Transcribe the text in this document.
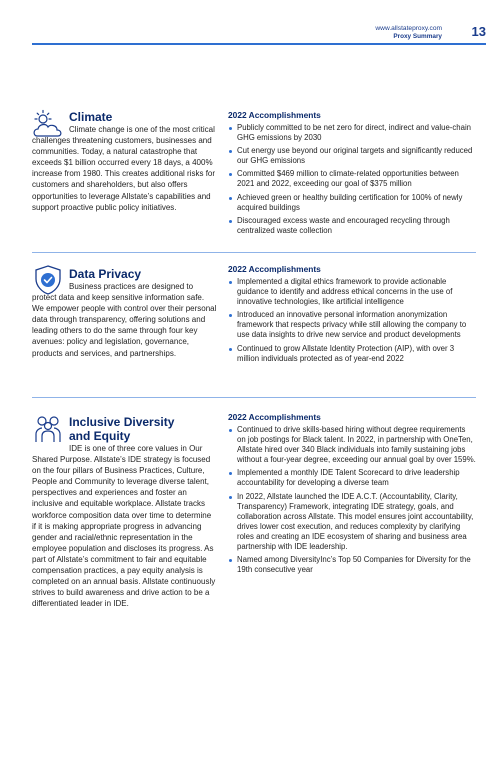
www.allstateproxy.com
Proxy Summary 13
Climate
Climate change is one of the most critical challenges threatening customers, businesses and communities. Today, a natural catastrophe that exceeds $1 billion occurred every 18 days, a 400% increase from 1980. This creates additional risks for customers and shareholders, but also offers opportunities to leverage Allstate’s capabilities and support proactive public policy initiatives.
2022 Accomplishments
Publicly committed to be net zero for direct, indirect and value-chain GHG emissions by 2030
Cut energy use beyond our original targets and significantly reduced our GHG emissions
Committed $469 million to climate-related opportunities between 2021 and 2022, exceeding our goal of $375 million
Achieved green or healthy building certification for 100% of newly acquired buildings
Discouraged excess waste and encouraged recycling through centralized waste collection
Data Privacy
Business practices are designed to protect data and keep sensitive information safe. We empower people with control over their personal data through transparency, offering solutions and leading others to do the same through four key avenues: policy and legislation, governance, products and services, and partnerships.
2022 Accomplishments
Implemented a digital ethics framework to provide actionable guidance to identify and address ethical concerns in the use of innovative technologies, like artificial intelligence
Introduced an innovative personal information anonymization framework that respects privacy while still allowing the company to use data insights to drive new service and product developments
Continued to grow Allstate Identity Protection (AIP), with over 3 million individuals protected as of year-end 2022
Inclusive Diversity
and Equity
IDE is one of three core values in Our Shared Purpose. Allstate’s IDE strategy is focused on the four pillars of Business Practices, Culture, People and Community to leverage diverse talent, perspectives and experiences and foster an inclusive and equitable workplace. Allstate tracks workforce composition data over time to determine if it is making appropriate progress in advancing gender and racial/ethnic representation in the employee population and discloses its progress. As part of Allstate’s commitment to fair and equitable compensation practices, a pay equity analysis is completed on an annual basis. Allstate continuously strives to build awareness and drive action to be a differentiated leader in IDE.
2022 Accomplishments
Continued to drive skills-based hiring without degree requirements on job postings for Black talent. In 2022, in partnership with OneTen, Allstate hired over 340 Black individuals into family sustaining jobs without a four-year degree, exceeding our annual goal by over 159%.
Implemented a monthly IDE Talent Scorecard to drive leadership accountability for developing a diverse team
In 2022, Allstate launched the IDE A.C.T. (Accountability, Clarity, Transparency) Framework, integrating IDE strategy, goals, and collaboration across Allstate. This model ensures joint accountability, drives lower cost execution, and reduces complexity by clarifying roles and creating an IDE ecosystem of sharing and business area partnership with IDE leadership.
Named among DiversityInc’s Top 50 Companies for Diversity for the 19th consecutive year
